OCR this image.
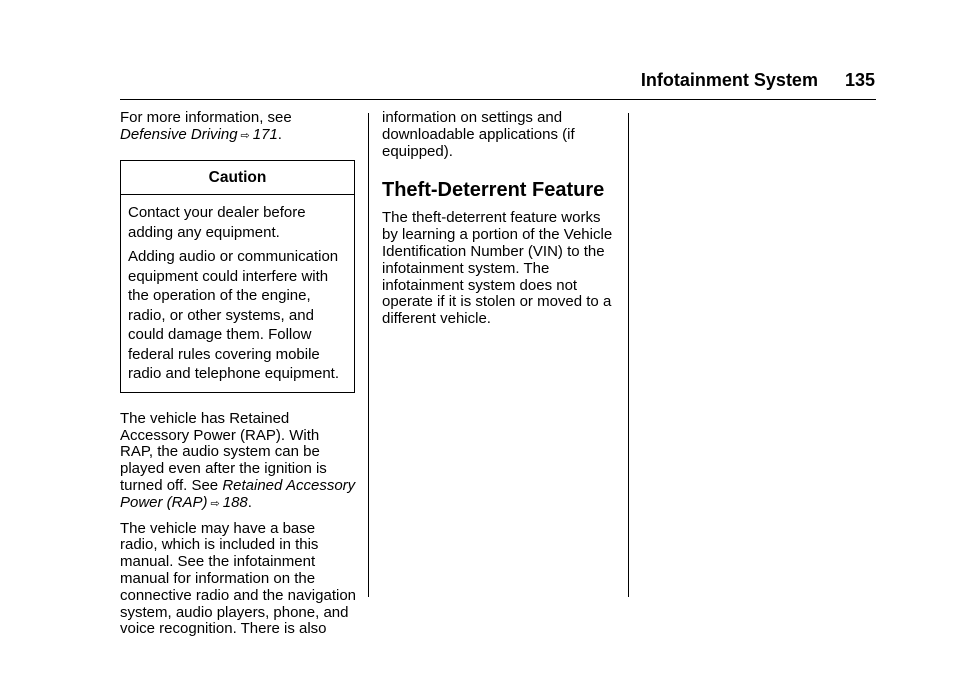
Infotainment System 135

For more information, see Defensive Driving ⇨ 171.

Caution

Contact your dealer before adding any equipment.

Adding audio or communication equipment could interfere with the operation of the engine, radio, or other systems, and could damage them. Follow federal rules covering mobile radio and telephone equipment.

The vehicle has Retained Accessory Power (RAP). With RAP, the audio system can be played even after the ignition is turned off. See Retained Accessory Power (RAP) ⇨ 188.

The vehicle may have a base radio, which is included in this manual. See the infotainment manual for information on the connective radio and the navigation system, audio players, phone, and voice recognition. There is also

information on settings and downloadable applications (if equipped).

Theft-Deterrent Feature

The theft-deterrent feature works by learning a portion of the Vehicle Identification Number (VIN) to the infotainment system. The infotainment system does not operate if it is stolen or moved to a different vehicle.
